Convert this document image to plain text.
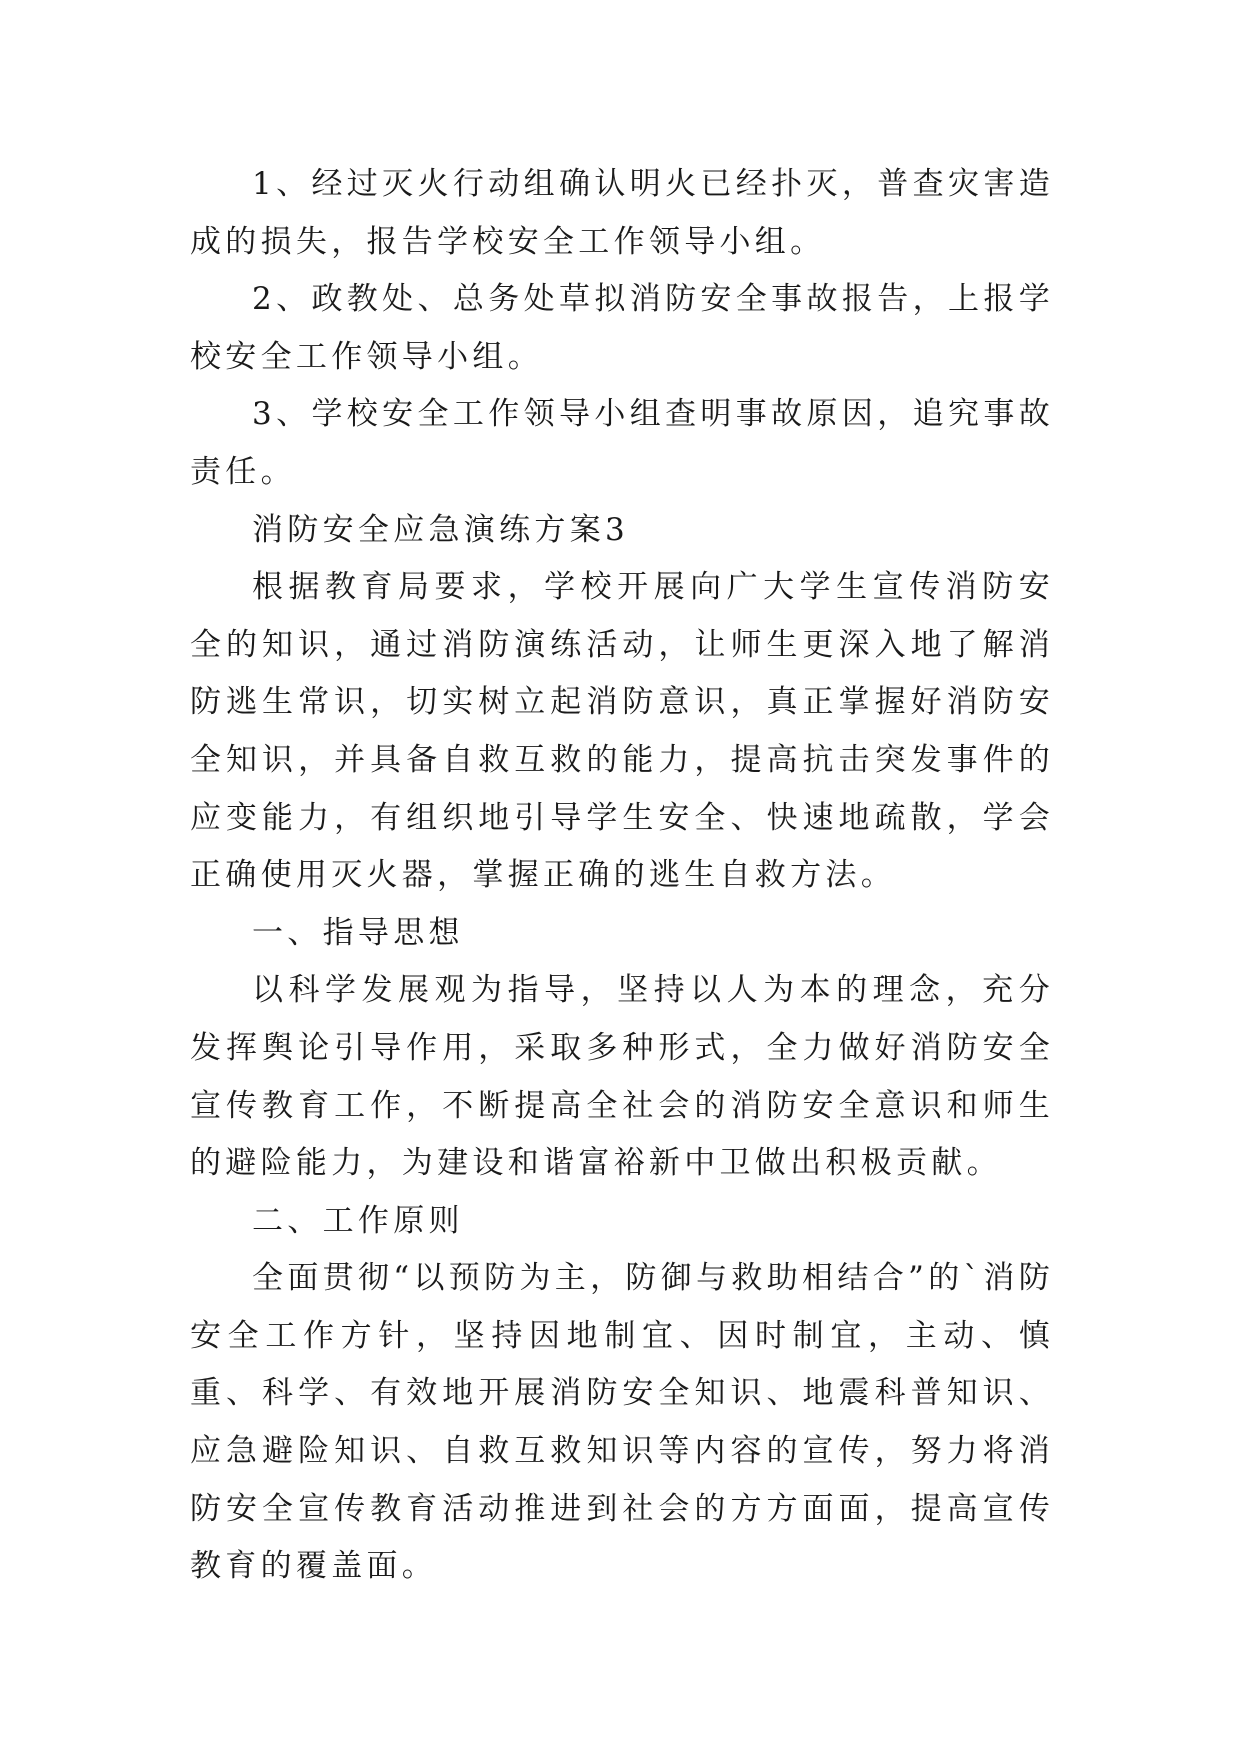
1、经过灭火行动组确认明火已经扑灭，普查灾害造成的损失，报告学校安全工作领导小组。

2、政教处、总务处草拟消防安全事故报告，上报学校安全工作领导小组。

3、学校安全工作领导小组查明事故原因，追究事故责任。

消防安全应急演练方案3

根据教育局要求，学校开展向广大学生宣传消防安全的知识，通过消防演练活动，让师生更深入地了解消防逃生常识，切实树立起消防意识，真正掌握好消防安全知识，并具备自救互救的能力，提高抗击突发事件的应变能力，有组织地引导学生安全、快速地疏散，学会正确使用灭火器，掌握正确的逃生自救方法。

一、指导思想

以科学发展观为指导，坚持以人为本的理念，充分发挥舆论引导作用，采取多种形式，全力做好消防安全宣传教育工作，不断提高全社会的消防安全意识和师生的避险能力，为建设和谐富裕新中卫做出积极贡献。

二、工作原则

全面贯彻“以预防为主，防御与救助相结合”的`消防安全工作方针，坚持因地制宜、因时制宜，主动、慎重、科学、有效地开展消防安全知识、地震科普知识、应急避险知识、自救互救知识等内容的宣传，努力将消防安全宣传教育活动推进到社会的方方面面，提高宣传教育的覆盖面。
